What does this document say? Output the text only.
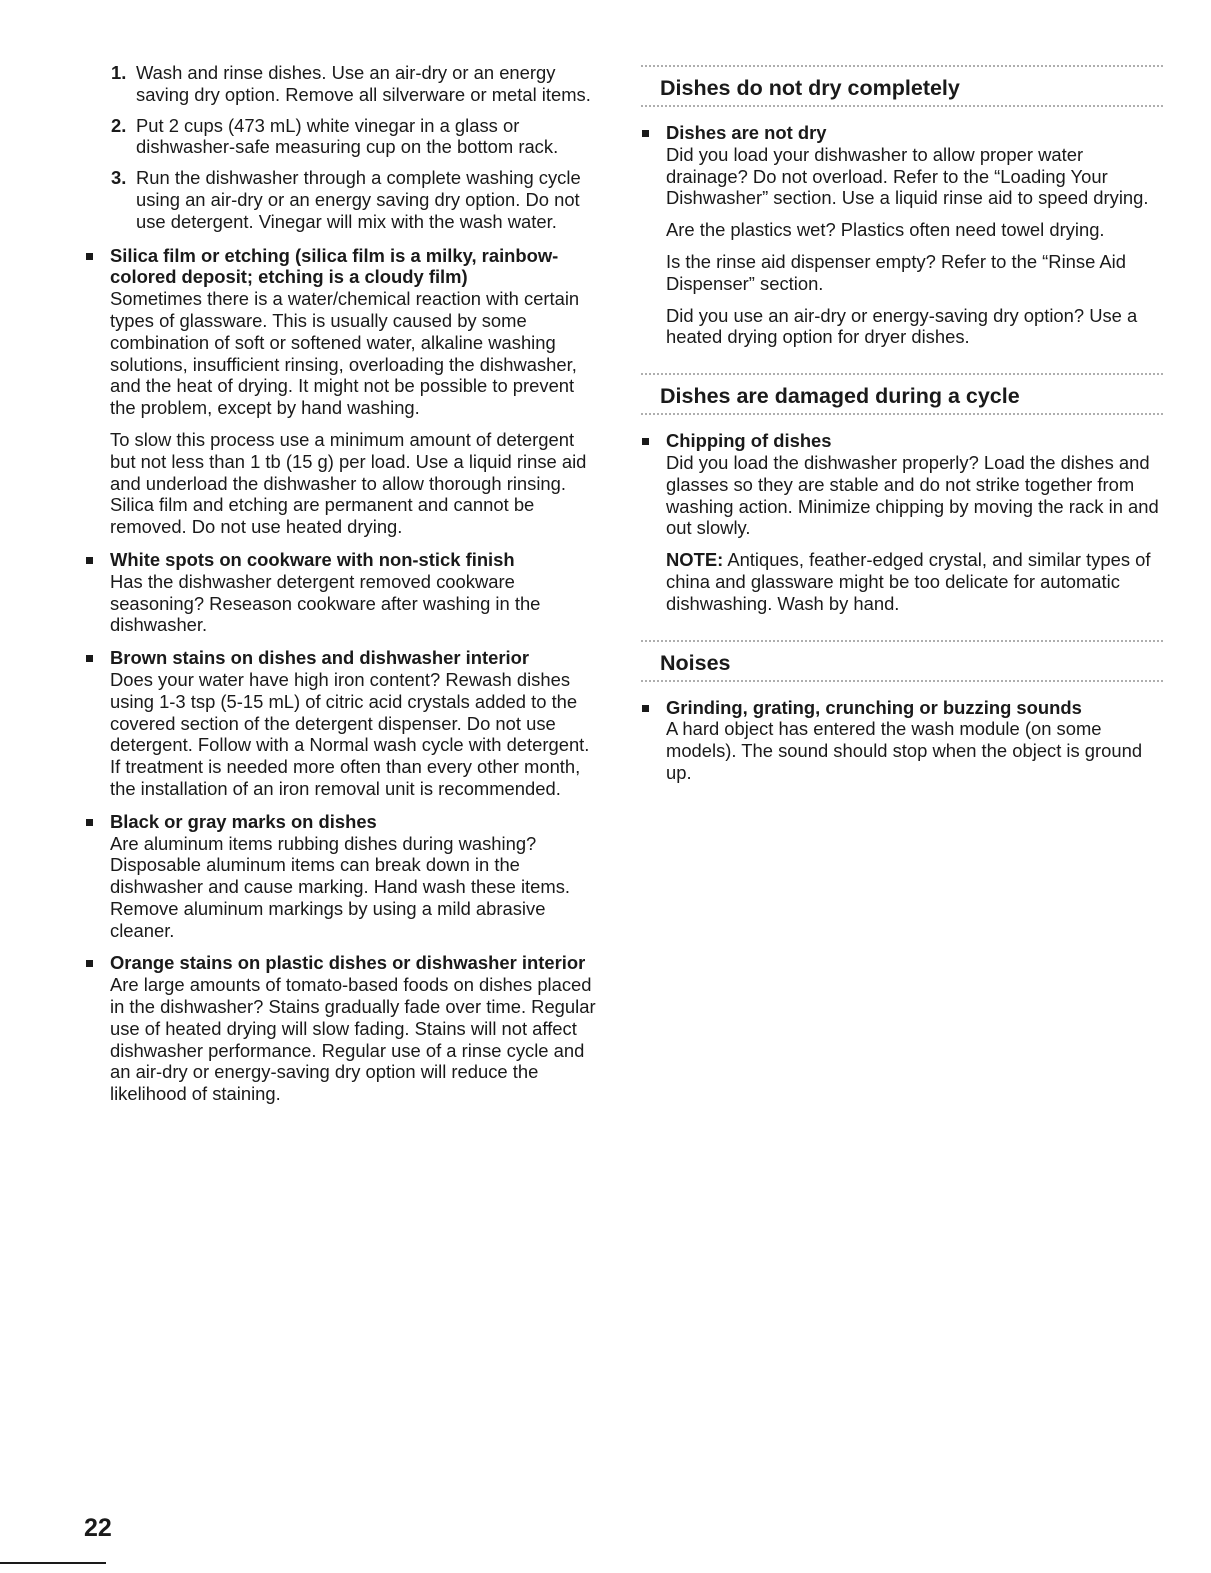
1. Wash and rinse dishes. Use an air-dry or an energy saving dry option. Remove all silverware or metal items.
2. Put 2 cups (473 mL) white vinegar in a glass or dishwasher-safe measuring cup on the bottom rack.
3. Run the dishwasher through a complete washing cycle using an air-dry or an energy saving dry option. Do not use detergent. Vinegar will mix with the wash water.
Silica film or etching (silica film is a milky, rainbow-colored deposit; etching is a cloudy film)

Sometimes there is a water/chemical reaction with certain types of glassware. This is usually caused by some combination of soft or softened water, alkaline washing solutions, insufficient rinsing, overloading the dishwasher, and the heat of drying. It might not be possible to prevent the problem, except by hand washing.

To slow this process use a minimum amount of detergent but not less than 1 tb (15 g) per load. Use a liquid rinse aid and underload the dishwasher to allow thorough rinsing. Silica film and etching are permanent and cannot be removed. Do not use heated drying.

White spots on cookware with non-stick finish

Has the dishwasher detergent removed cookware seasoning? Reseason cookware after washing in the dishwasher.

Brown stains on dishes and dishwasher interior

Does your water have high iron content? Rewash dishes using 1-3 tsp (5-15 mL) of citric acid crystals added to the covered section of the detergent dispenser. Do not use detergent. Follow with a Normal wash cycle with detergent. If treatment is needed more often than every other month, the installation of an iron removal unit is recommended.

Black or gray marks on dishes

Are aluminum items rubbing dishes during washing? Disposable aluminum items can break down in the dishwasher and cause marking. Hand wash these items. Remove aluminum markings by using a mild abrasive cleaner.

Orange stains on plastic dishes or dishwasher interior

Are large amounts of tomato-based foods on dishes placed in the dishwasher? Stains gradually fade over time. Regular use of heated drying will slow fading. Stains will not affect dishwasher performance. Regular use of a rinse cycle and an air-dry or energy-saving dry option will reduce the likelihood of staining.

Dishes do not dry completely
Dishes are not dry

Did you load your dishwasher to allow proper water drainage? Do not overload. Refer to the “Loading Your Dishwasher” section. Use a liquid rinse aid to speed drying.

Are the plastics wet? Plastics often need towel drying.

Is the rinse aid dispenser empty? Refer to the “Rinse Aid Dispenser” section.

Did you use an air-dry or energy-saving dry option? Use a heated drying option for dryer dishes.

Dishes are damaged during a cycle
Chipping of dishes

Did you load the dishwasher properly? Load the dishes and glasses so they are stable and do not strike together from washing action. Minimize chipping by moving the rack in and out slowly.

NOTE: Antiques, feather-edged crystal, and similar types of china and glassware might be too delicate for automatic dishwashing. Wash by hand.

Noises
Grinding, grating, crunching or buzzing sounds

A hard object has entered the wash module (on some models). The sound should stop when the object is ground up.

22
